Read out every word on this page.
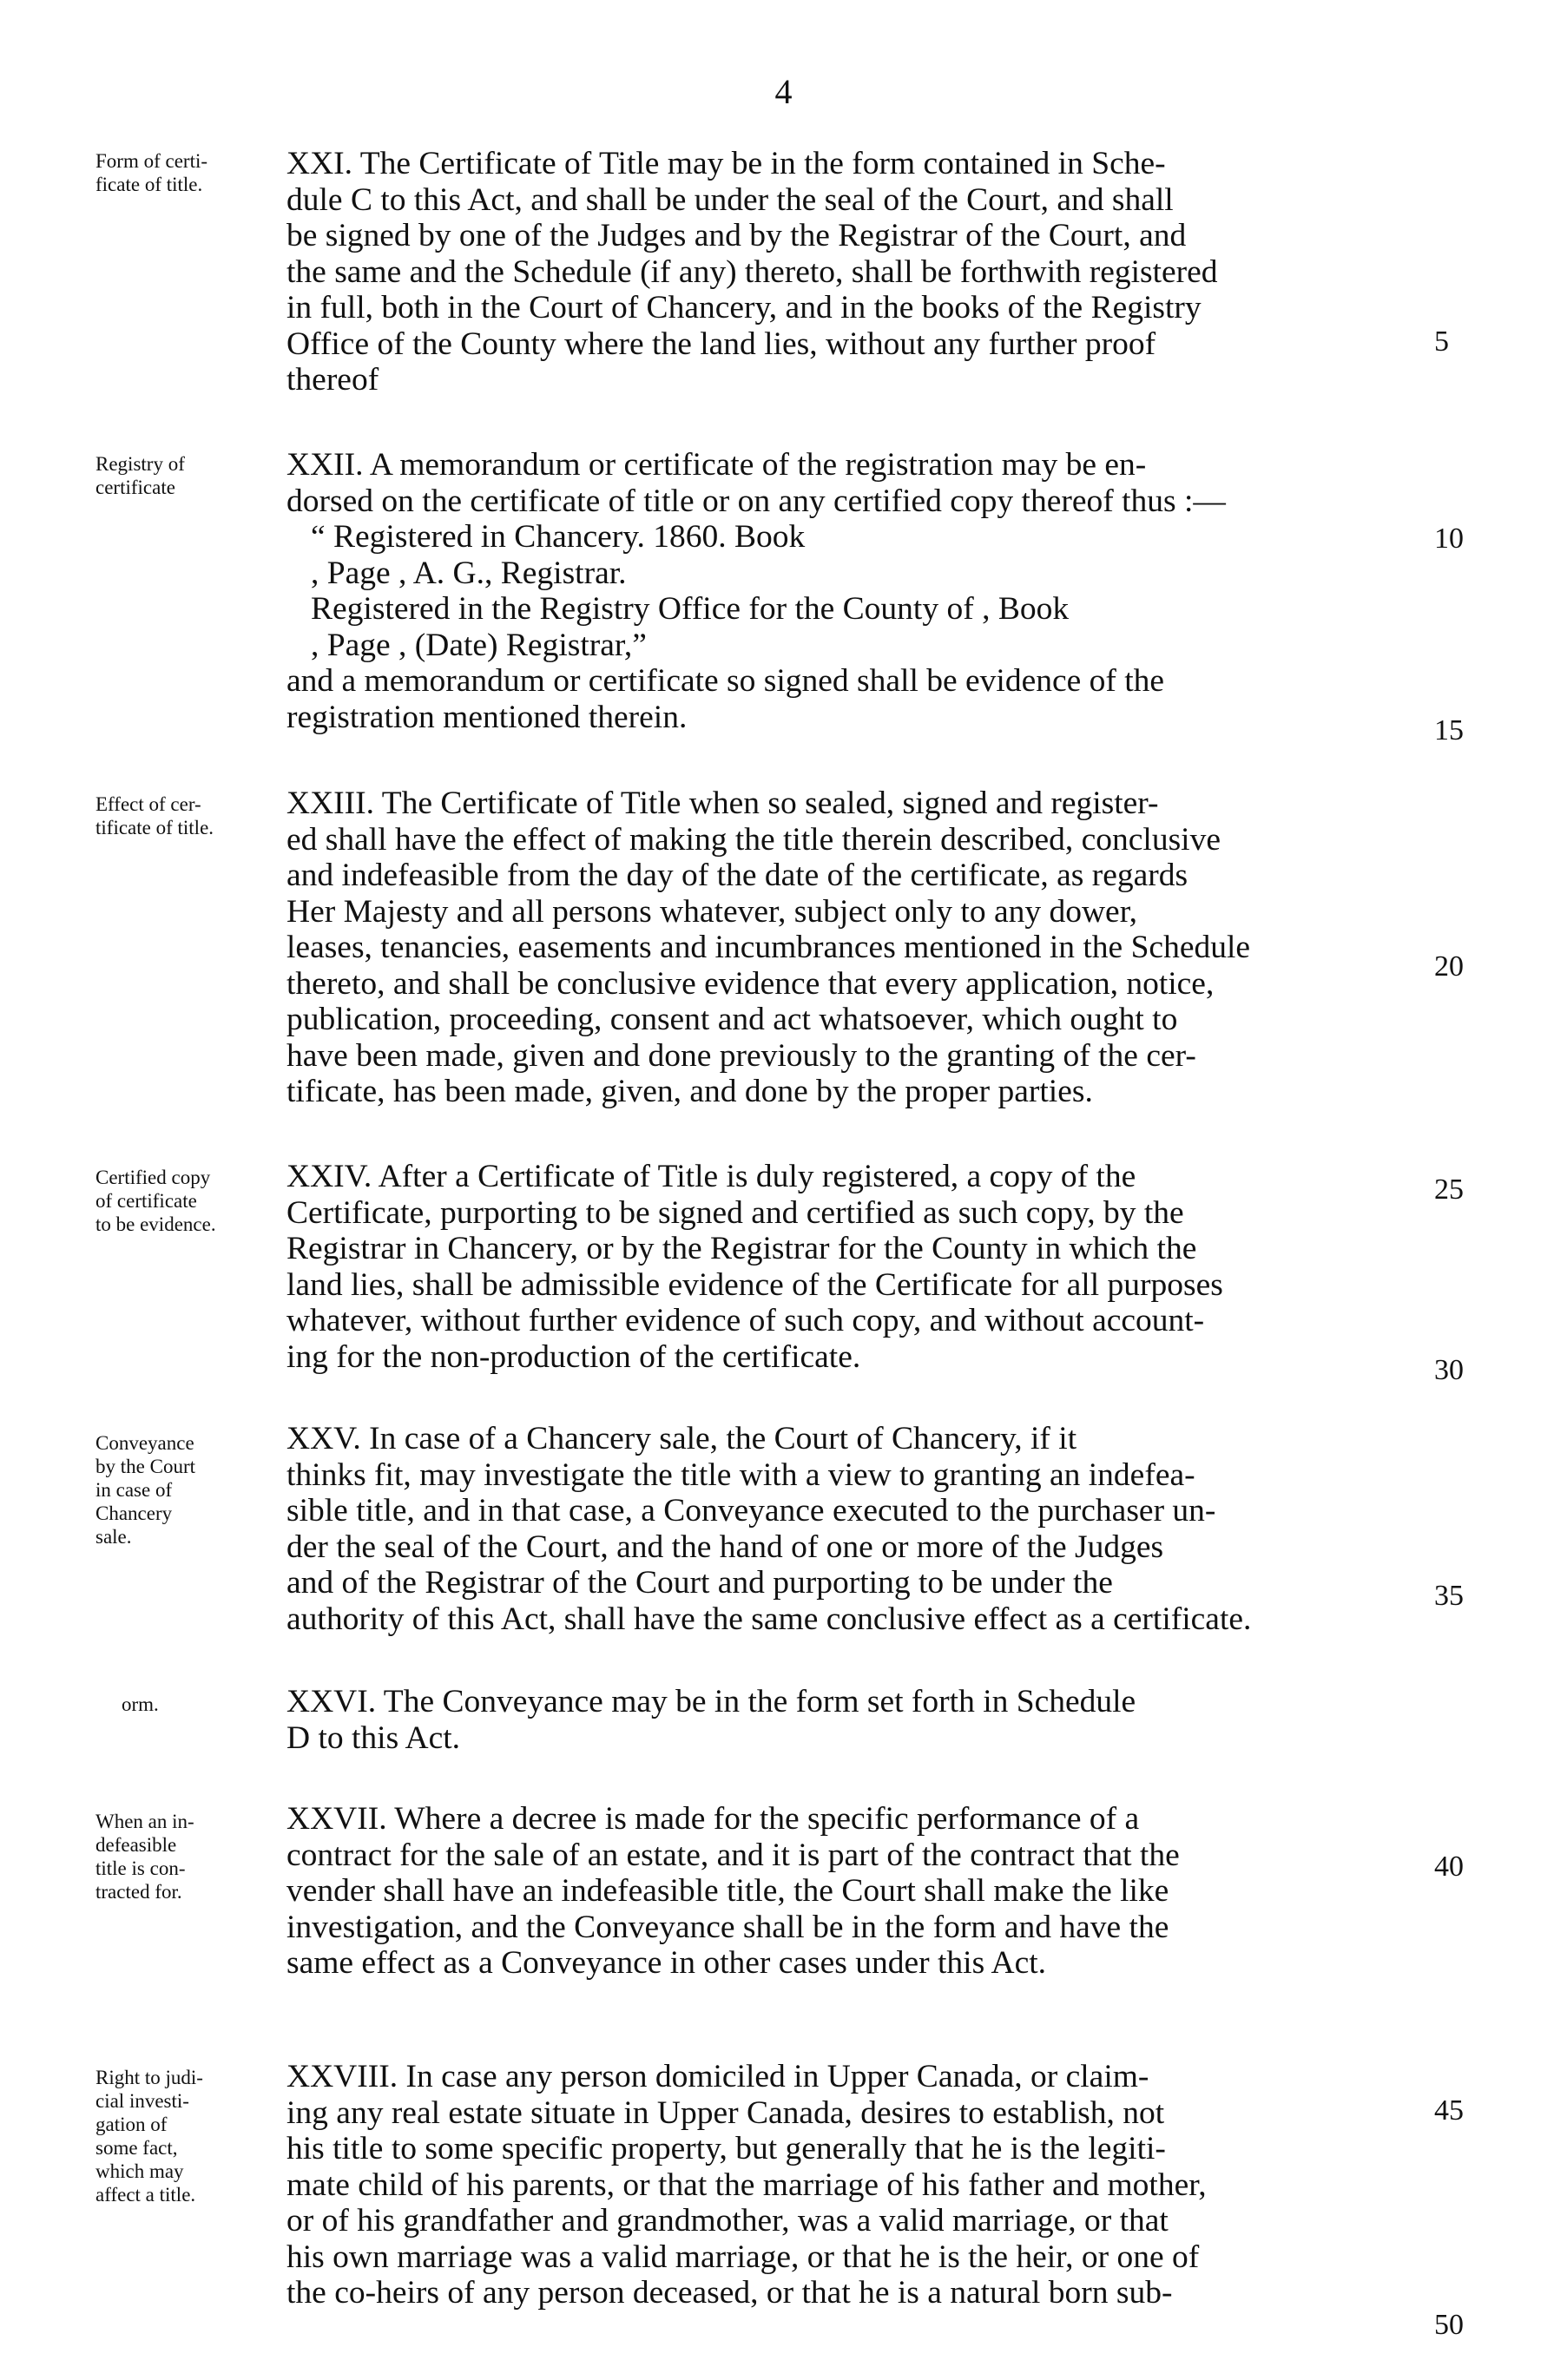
4
Form of certi-
ficate of title.

XXI. The Certificate of Title may be in the form contained in Sche-
dule C to this Act, and shall be under the seal of the Court, and shall
be signed by one of the Judges and by the Registrar of the Court, and
the same and the Schedule (if any) thereto, shall be forthwith registered
in full, both in the Court of Chancery, and in the books of the Registry
Office of the County where the land lies, without any further proof
thereof

Registry of
certificate

XXII. A memorandum or certificate of the registration may be en-
dorsed on the certificate of title or on any certified copy thereof thus :—

“ Registered in Chancery. 1860. Book
, Page , A. G., Registrar.
Registered in the Registry Office for the County of , Book
, Page , (Date) Registrar,”

and a memorandum or certificate so signed shall be evidence of the
registration mentioned therein.

Effect of cer-
tificate of title.

XXIII. The Certificate of Title when so sealed, signed and register-
ed shall have the effect of making the title therein described, conclusive
and indefeasible from the day of the date of the certificate, as regards
Her Majesty and all persons whatever, subject only to any dower,
leases, tenancies, easements and incumbrances mentioned in the Schedule
thereto, and shall be conclusive evidence that every application, notice,
publication, proceeding, consent and act whatsoever, which ought to
have been made, given and done previously to the granting of the cer-
tificate, has been made, given, and done by the proper parties.

Certified copy
of certificate
to be evidence.

XXIV. After a Certificate of Title is duly registered, a copy of the
Certificate, purporting to be signed and certified as such copy, by the
Registrar in Chancery, or by the Registrar for the County in which the
land lies, shall be admissible evidence of the Certificate for all purposes
whatever, without further evidence of such copy, and without account-
ing for the non-production of the certificate.

Conveyance
by the Court
in case of
Chancery
sale.

XXV. In case of a Chancery sale, the Court of Chancery, if it
thinks fit, may investigate the title with a view to granting an indefea-
sible title, and in that case, a Conveyance executed to the purchaser un-
der the seal of the Court, and the hand of one or more of the Judges
and of the Registrar of the Court and purporting to be under the
authority of this Act, shall have the same conclusive effect as a certificate.

orm.	XXVI. The Conveyance may be in the form set forth in Schedule
D to this Act.

When an in-
defeasible
title is con-
tracted for.

XXVII. Where a decree is made for the specific performance of a
contract for the sale of an estate, and it is part of the contract that the
vender shall have an indefeasible title, the Court shall make the like
investigation, and the Conveyance shall be in the form and have the
same effect as a Conveyance in other cases under this Act.

Right to judi-
cial investi-
gation of
some fact,
which may
affect a title.

XXVIII. In case any person domiciled in Upper Canada, or claim-
ing any real estate situate in Upper Canada, desires to establish, not
his title to some specific property, but generally that he is the legiti-
mate child of his parents, or that the marriage of his father and mother,
or of his grandfather and grandmother, was a valid marriage, or that
his own marriage was a valid marriage, or that he is the heir, or one of
the co-heirs of any person deceased, or that he is a natural born sub-

5
10
15
20
25
30
35
40
45
50
